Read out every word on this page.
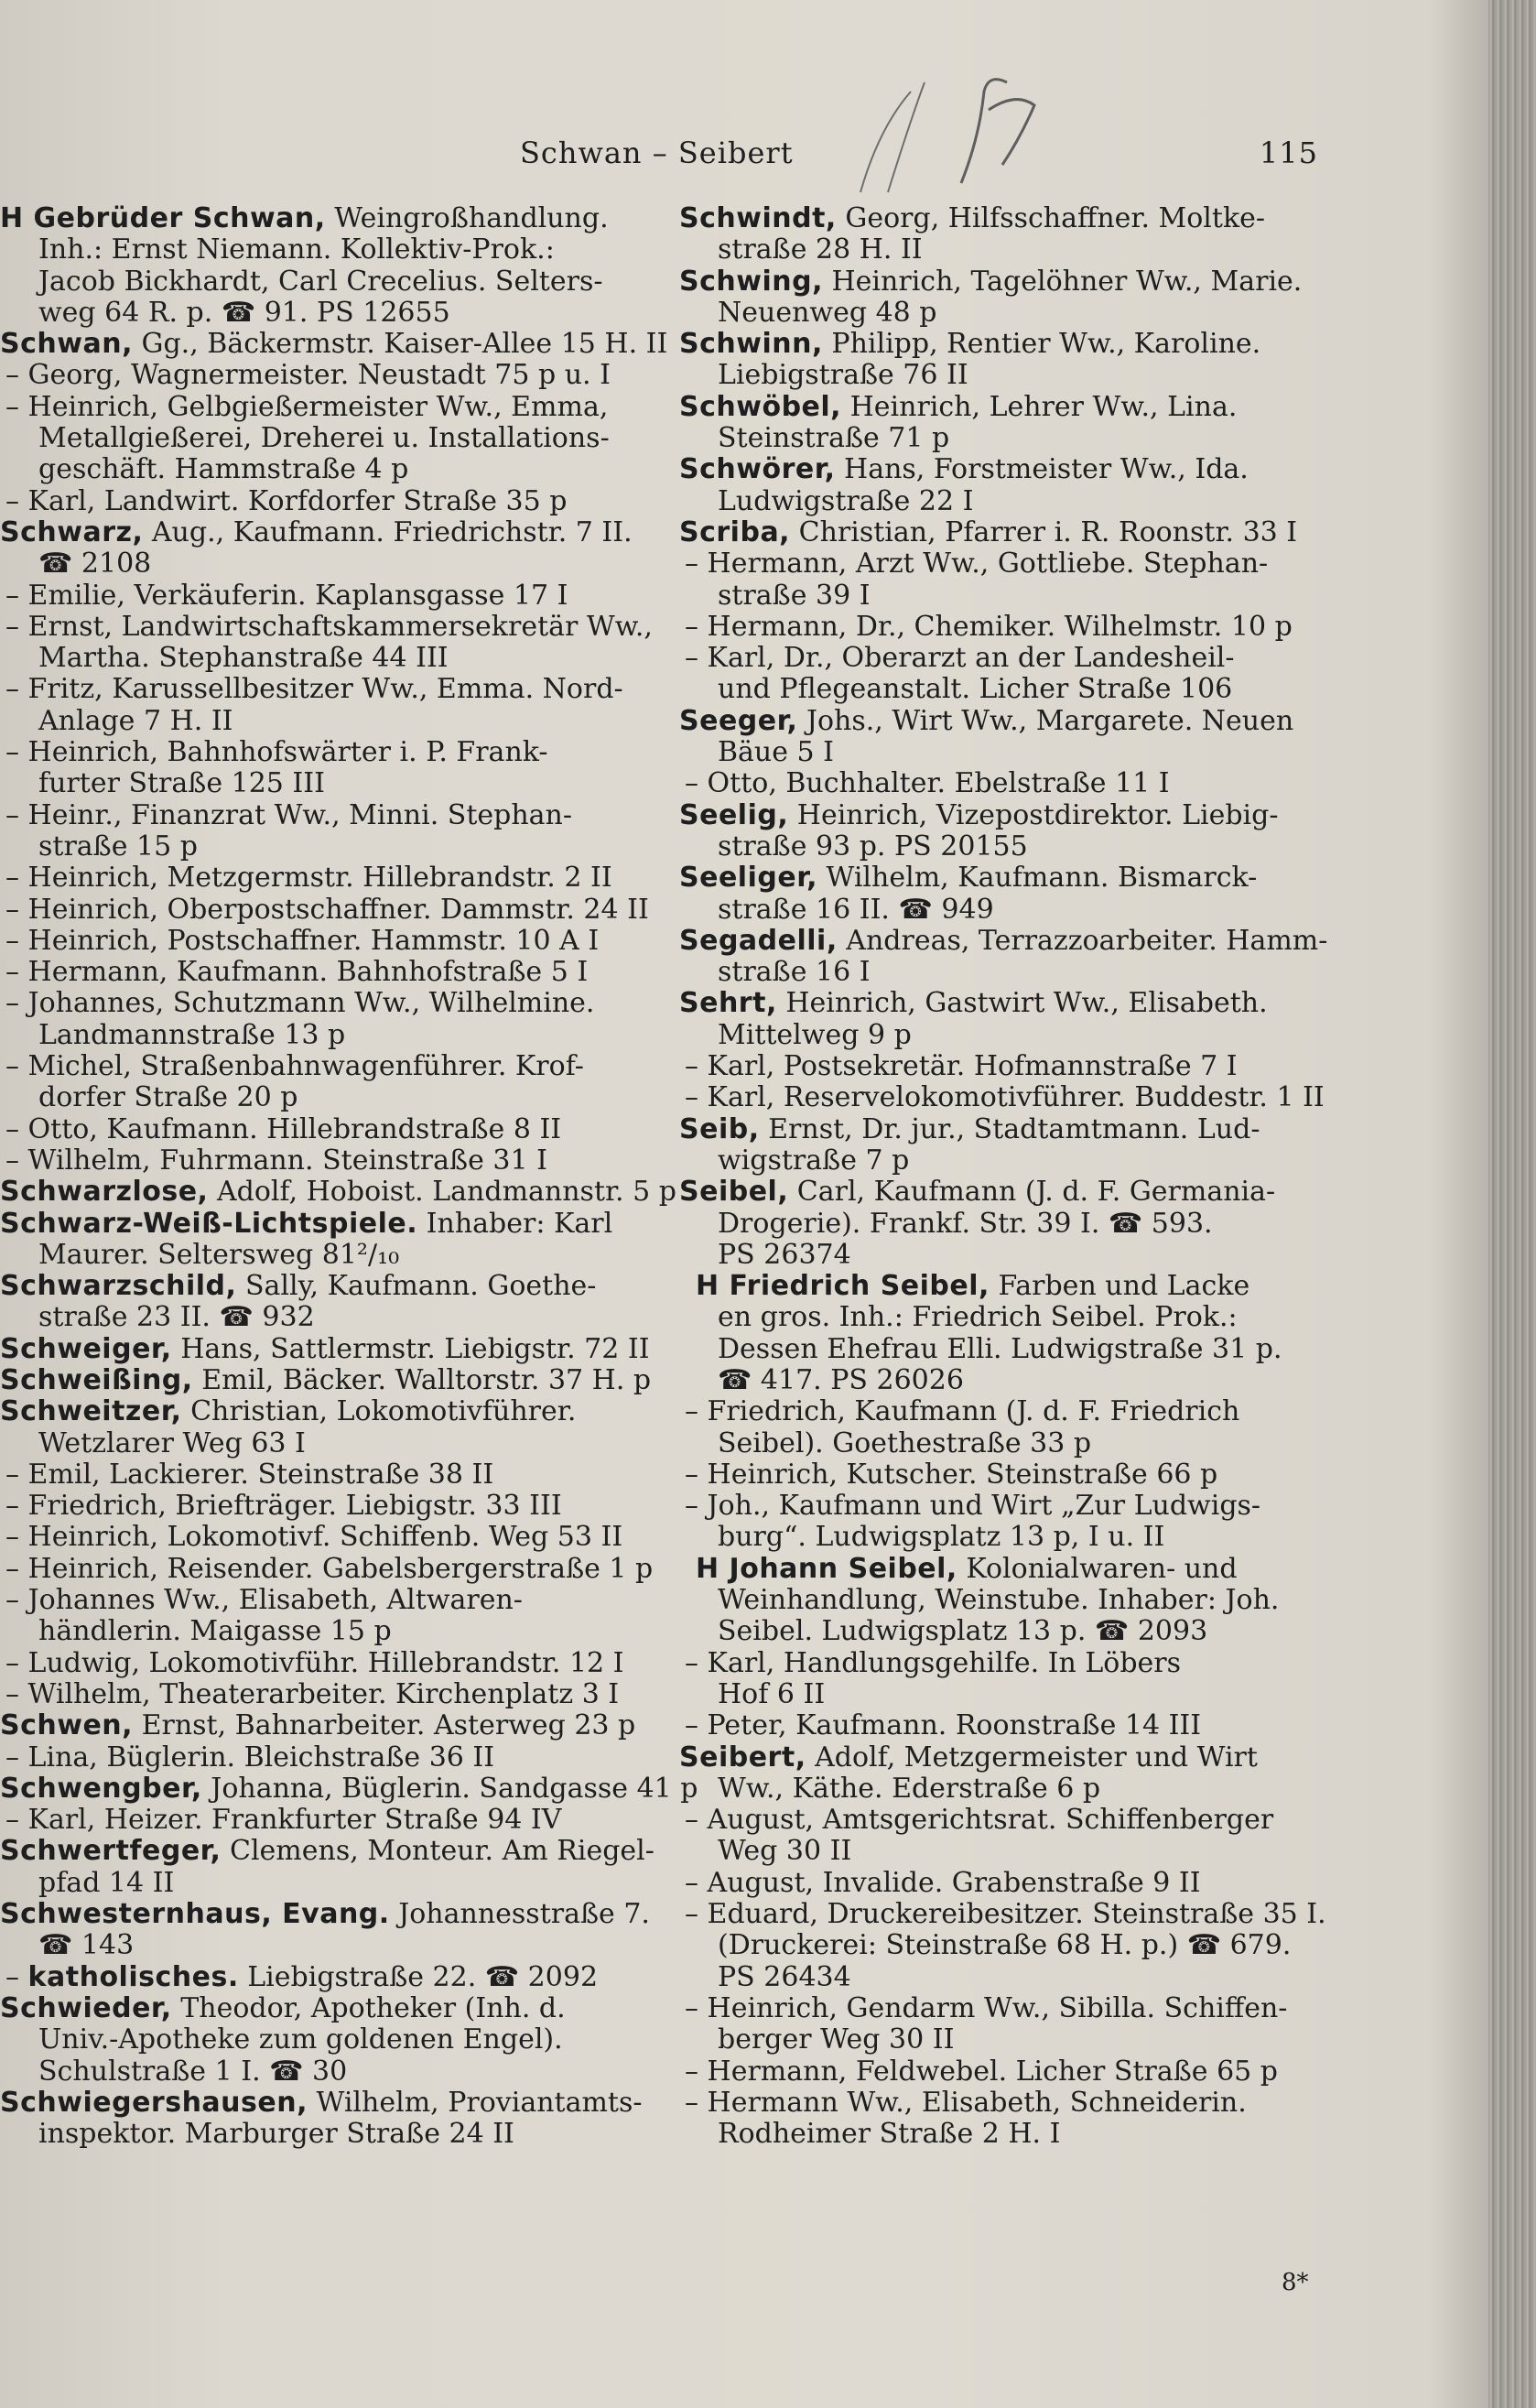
Schwan – Seibert	115
H Gebrüder Schwan, Weingroßhandlung.
Inh.: Ernst Niemann. Kollektiv-Prok.:
Jacob Bickhardt, Carl Crecelius. Selters-
weg 64 R. p. ☎ 91. PS 12655
Schwan, Gg., Bäckermstr. Kaiser-Allee 15 H. II
– Georg, Wagnermeister. Neustadt 75 p u. I
– Heinrich, Gelbgießermeister Ww., Emma,
Metallgießerei, Dreherei u. Installations-
geschäft. Hammstraße 4 p
– Karl, Landwirt. Korfdorfer Straße 35 p
Schwarz, Aug., Kaufmann. Friedrichstr. 7 II.
☎ 2108
– Emilie, Verkäuferin. Kaplansgasse 17 I
– Ernst, Landwirtschaftskammersekretär Ww.,
Martha. Stephanstraße 44 III
– Fritz, Karussellbesitzer Ww., Emma. Nord-
Anlage 7 H. II
– Heinrich, Bahnhofswärter i. P. Frank-
furter Straße 125 III
– Heinr., Finanzrat Ww., Minni. Stephan-
straße 15 p
– Heinrich, Metzgermstr. Hillebrandstr. 2 II
– Heinrich, Oberpostschaffner. Dammstr. 24 II
– Heinrich, Postschaffner. Hammstr. 10 A I
– Hermann, Kaufmann. Bahnhofstraße 5 I
– Johannes, Schutzmann Ww., Wilhelmine.
Landmannstraße 13 p
– Michel, Straßenbahnwagenführer. Krof-
dorfer Straße 20 p
– Otto, Kaufmann. Hillebrandstraße 8 II
– Wilhelm, Fuhrmann. Steinstraße 31 I
Schwarzlose, Adolf, Hoboist. Landmannstr. 5 p
Schwarz-Weiß-Lichtspiele. Inhaber: Karl
Maurer. Seltersweg 81²/₁₀
Schwarzschild, Sally, Kaufmann. Goethe-
straße 23 II. ☎ 932
Schweiger, Hans, Sattlermstr. Liebigstr. 72 II
Schweißing, Emil, Bäcker. Walltorstr. 37 H. p
Schweitzer, Christian, Lokomotivführer.
Wetzlarer Weg 63 I
– Emil, Lackierer. Steinstraße 38 II
– Friedrich, Briefträger. Liebigstr. 33 III
– Heinrich, Lokomotivf. Schiffenb. Weg 53 II
– Heinrich, Reisender. Gabelsbergerstraße 1 p
– Johannes Ww., Elisabeth, Altwaren-
händlerin. Maigasse 15 p
– Ludwig, Lokomotivführ. Hillebrandstr. 12 I
– Wilhelm, Theaterarbeiter. Kirchenplatz 3 I
Schwen, Ernst, Bahnarbeiter. Asterweg 23 p
– Lina, Büglerin. Bleichstraße 36 II
Schwengber, Johanna, Büglerin. Sandgasse 41 p
– Karl, Heizer. Frankfurter Straße 94 IV
Schwertfeger, Clemens, Monteur. Am Riegel-
pfad 14 II
Schwesternhaus, Evang. Johannesstraße 7.
☎ 143
– katholisches. Liebigstraße 22. ☎ 2092
Schwieder, Theodor, Apotheker (Inh. d.
Univ.-Apotheke zum goldenen Engel).
Schulstraße 1 I. ☎ 30
Schwiegershausen, Wilhelm, Proviantamts-
inspektor. Marburger Straße 24 II
Schwindt, Georg, Hilfsschaffner. Moltke-
straße 28 H. II
Schwing, Heinrich, Tagelöhner Ww., Marie.
Neuenweg 48 p
Schwinn, Philipp, Rentier Ww., Karoline.
Liebigstraße 76 II
Schwöbel, Heinrich, Lehrer Ww., Lina.
Steinstraße 71 p
Schwörer, Hans, Forstmeister Ww., Ida.
Ludwigstraße 22 I
Scriba, Christian, Pfarrer i. R. Roonstr. 33 I
– Hermann, Arzt Ww., Gottliebe. Stephan-
straße 39 I
– Hermann, Dr., Chemiker. Wilhelmstr. 10 p
– Karl, Dr., Oberarzt an der Landesheil-
und Pflegeanstalt. Licher Straße 106
Seeger, Johs., Wirt Ww., Margarete. Neuen
Bäue 5 I
– Otto, Buchhalter. Ebelstraße 11 I
Seelig, Heinrich, Vizepostdirektor. Liebig-
straße 93 p. PS 20155
Seeliger, Wilhelm, Kaufmann. Bismarck-
straße 16 II. ☎ 949
Segadelli, Andreas, Terrazzoarbeiter. Hamm-
straße 16 I
Sehrt, Heinrich, Gastwirt Ww., Elisabeth.
Mittelweg 9 p
– Karl, Postsekretär. Hofmannstraße 7 I
– Karl, Reservelokomotivführer. Buddestr. 1 II
Seib, Ernst, Dr. jur., Stadtamtmann. Lud-
wigstraße 7 p
Seibel, Carl, Kaufmann (J. d. F. Germania-
Drogerie). Frankf. Str. 39 I. ☎ 593.
PS 26374
H Friedrich Seibel, Farben und Lacke
en gros. Inh.: Friedrich Seibel. Prok.:
Dessen Ehefrau Elli. Ludwigstraße 31 p.
☎ 417. PS 26026
– Friedrich, Kaufmann (J. d. F. Friedrich
Seibel). Goethestraße 33 p
– Heinrich, Kutscher. Steinstraße 66 p
– Joh., Kaufmann und Wirt „Zur Ludwigs-
burg“. Ludwigsplatz 13 p, I u. II
H Johann Seibel, Kolonialwaren- und
Weinhandlung, Weinstube. Inhaber: Joh.
Seibel. Ludwigsplatz 13 p. ☎ 2093
– Karl, Handlungsgehilfe. In Löbers
Hof 6 II
– Peter, Kaufmann. Roonstraße 14 III
Seibert, Adolf, Metzgermeister und Wirt
Ww., Käthe. Ederstraße 6 p
– August, Amtsgerichtsrat. Schiffenberger
Weg 30 II
– August, Invalide. Grabenstraße 9 II
– Eduard, Druckereibesitzer. Steinstraße 35 I.
(Druckerei: Steinstraße 68 H. p.) ☎ 679.
PS 26434
– Heinrich, Gendarm Ww., Sibilla. Schiffen-
berger Weg 30 II
– Hermann, Feldwebel. Licher Straße 65 p
– Hermann Ww., Elisabeth, Schneiderin.
Rodheimer Straße 2 H. I
8*
